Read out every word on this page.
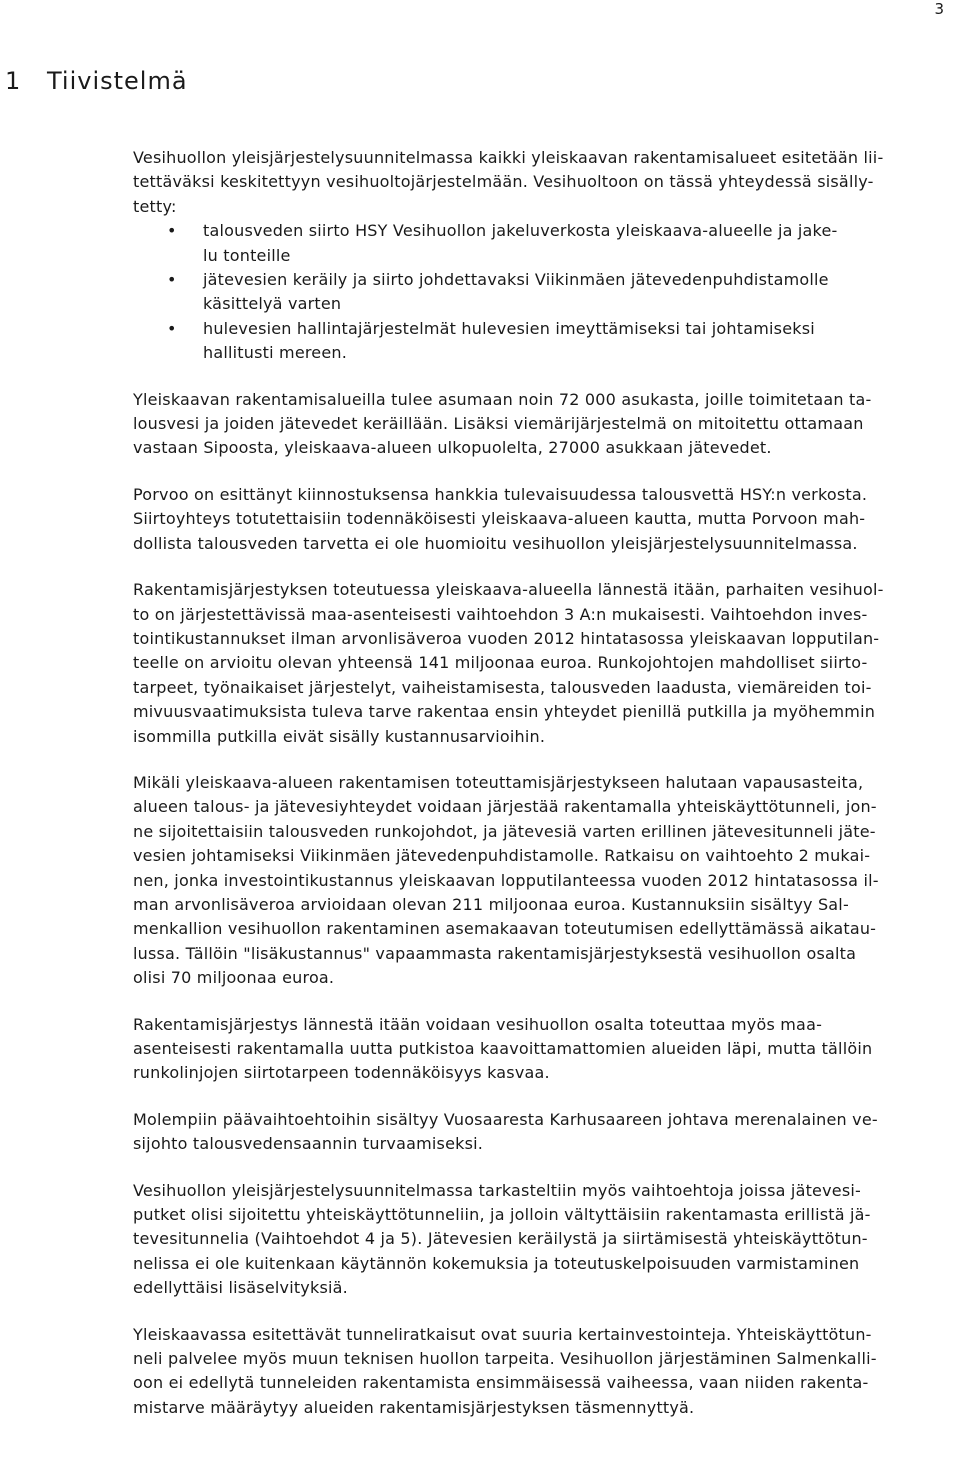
3
1 Tiivistelmä

Vesihuollon yleisjärjestelysuunnitelmassa kaikki yleiskaavan rakentamisalueet esitetään lii-
tettäväksi keskitettyyn vesihuoltojärjestelmään. Vesihuoltoon on tässä yhteydessä sisälly-
tetty:

• talousveden siirto HSY Vesihuollon jakeluverkosta yleiskaava-alueelle ja jake-
lu tonteille
• jätevesien keräily ja siirto johdettavaksi Viikinmäen jätevedenpuhdistamolle
käsittelyä varten
• hulevesien hallintajärjestelmät hulevesien imeyttämiseksi tai johtamiseksi
hallitusti mereen.

Yleiskaavan rakentamisalueilla tulee asumaan noin 72 000 asukasta, joille toimitetaan ta-
lousvesi ja joiden jätevedet keräillään. Lisäksi viemärijärjestelmä on mitoitettu ottamaan
vastaan Sipoosta, yleiskaava-alueen ulkopuolelta, 27000 asukkaan jätevedet.

Porvoo on esittänyt kiinnostuksensa hankkia tulevaisuudessa talousvettä HSY:n verkosta.
Siirtoyhteys totutettaisiin todennäköisesti yleiskaava-alueen kautta, mutta Porvoon mah-
dollista talousveden tarvetta ei ole huomioitu vesihuollon yleisjärjestelysuunnitelmassa.

Rakentamisjärjestyksen toteutuessa yleiskaava-alueella lännestä itään, parhaiten vesihuol-
to on järjestettävissä maa-asenteisesti vaihtoehdon 3 A:n mukaisesti. Vaihtoehdon inves-
tointikustannukset ilman arvonlisäveroa vuoden 2012 hintatasossa yleiskaavan lopputilan-
teelle on arvioitu olevan yhteensä 141 miljoonaa euroa. Runkojohtojen mahdolliset siirto-
tarpeet, työnaikaiset järjestelyt, vaiheistamisesta, talousveden laadusta, viemäreiden toi-
mivuusvaatimuksista tuleva tarve rakentaa ensin yhteydet pienillä putkilla ja myöhemmin
isommilla putkilla eivät sisälly kustannusarvioihin.

Mikäli yleiskaava-alueen rakentamisen toteuttamisjärjestykseen halutaan vapausasteita,
alueen talous- ja jätevesiyhteydet voidaan järjestää rakentamalla yhteiskäyttötunneli, jon-
ne sijoitettaisiin talousveden runkojohdot, ja jätevesiä varten erillinen jätevesitunneli jäte-
vesien johtamiseksi Viikinmäen jätevedenpuhdistamolle. Ratkaisu on vaihtoehto 2 mukai-
nen, jonka investointikustannus yleiskaavan lopputilanteessa vuoden 2012 hintatasossa il-
man arvonlisäveroa arvioidaan olevan 211 miljoonaa euroa. Kustannuksiin sisältyy Sal-
menkallion vesihuollon rakentaminen asemakaavan toteutumisen edellyttämässä aikatau-
lussa. Tällöin "lisäkustannus" vapaammasta rakentamisjärjestyksestä vesihuollon osalta
olisi 70 miljoonaa euroa.

Rakentamisjärjestys lännestä itään voidaan vesihuollon osalta toteuttaa myös maa-
asenteisesti rakentamalla uutta putkistoa kaavoittamattomien alueiden läpi, mutta tällöin
runkolinjojen siirtotarpeen todennäköisyys kasvaa.

Molempiin päävaihtoehtoihin sisältyy Vuosaaresta Karhusaareen johtava merenalainen ve-
sijohto talousvedensaannin turvaamiseksi.

Vesihuollon yleisjärjestelysuunnitelmassa tarkasteltiin myös vaihtoehtoja joissa jätevesi-
putket olisi sijoitettu yhteiskäyttötunneliin, ja jolloin vältyttäisiin rakentamasta erillistä jä-
tevesitunnelia (Vaihtoehdot 4 ja 5). Jätevesien keräilystä ja siirtämisestä yhteiskäyttötun-
nelissa ei ole kuitenkaan käytännön kokemuksia ja toteutuskelpoisuuden varmistaminen
edellyttäisi lisäselvityksiä.

Yleiskaavassa esitettävät tunneliratkaisut ovat suuria kertainvestointeja. Yhteiskäyttötun-
neli palvelee myös muun teknisen huollon tarpeita. Vesihuollon järjestäminen Salmenkalli-
oon ei edellytä tunneleiden rakentamista ensimmäisessä vaiheessa, vaan niiden rakenta-
mistarve määräytyy alueiden rakentamisjärjestyksen täsmennyttyä.
